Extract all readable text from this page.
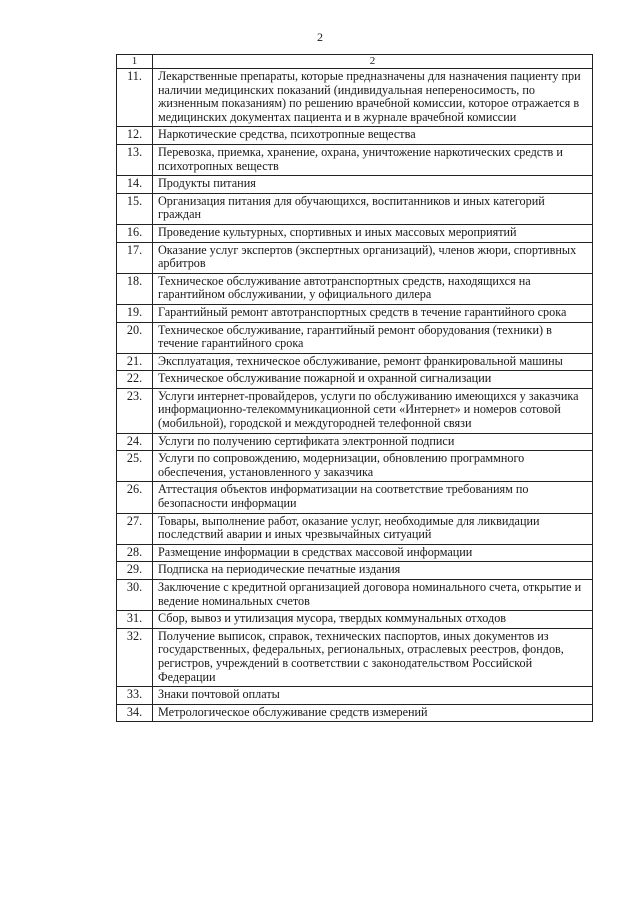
2
1	2
11.	Лекарственные препараты, которые предназначены для назначения пациенту при наличии медицинских показаний (индивидуальная непереносимость, по жизненным показаниям) по решению врачебной комиссии, которое отражается в медицинских документах пациента и в журнале врачебной комиссии
12.	Наркотические средства, психотропные вещества
13.	Перевозка, приемка, хранение, охрана, уничтожение наркотических средств и психотропных веществ
14.	Продукты питания
15.	Организация питания для обучающихся, воспитанников и иных категорий граждан
16.	Проведение культурных, спортивных и иных массовых мероприятий
17.	Оказание услуг экспертов (экспертных организаций), членов жюри, спортивных арбитров
18.	Техническое обслуживание автотранспортных средств, находящихся на гарантийном обслуживании, у официального дилера
19.	Гарантийный ремонт автотранспортных средств в течение гарантийного срока
20.	Техническое обслуживание, гарантийный ремонт оборудования (техники) в течение гарантийного срока
21.	Эксплуатация, техническое обслуживание, ремонт франкировальной машины
22.	Техническое обслуживание пожарной и охранной сигнализации
23.	Услуги интернет-провайдеров, услуги по обслуживанию имеющихся у заказчика информационно-телекоммуникационной сети «Интернет» и номеров сотовой (мобильной), городской и междугородней телефонной связи
24.	Услуги по получению сертификата электронной подписи
25.	Услуги по сопровождению, модернизации, обновлению программного обеспечения, установленного у заказчика
26.	Аттестация объектов информатизации на соответствие требованиям по безопасности информации
27.	Товары, выполнение работ, оказание услуг, необходимые для ликвидации последствий аварии и иных чрезвычайных ситуаций
28.	Размещение информации в средствах массовой информации
29.	Подписка на периодические печатные издания
30.	Заключение с кредитной организацией договора номинального счета, открытие и ведение номинальных счетов
31.	Сбор, вывоз и утилизация мусора, твердых коммунальных отходов
32.	Получение выписок, справок, технических паспортов, иных документов из государственных, федеральных, региональных, отраслевых реестров, фондов, регистров, учреждений в соответствии с законодательством Российской Федерации
33.	Знаки почтовой оплаты
34.	Метрологическое обслуживание средств измерений
